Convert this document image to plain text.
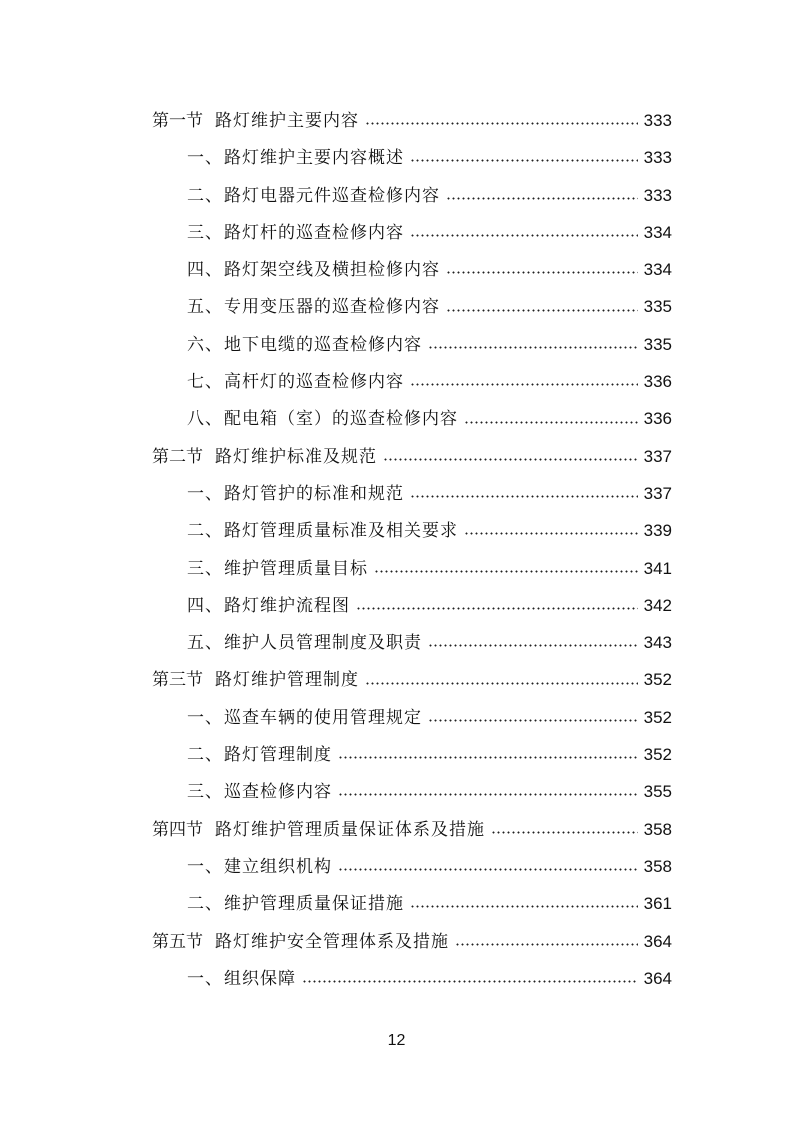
第一节 路灯维护主要内容	333
一、 路灯维护主要内容概述	333
二、 路灯电器元件巡查检修内容	333
三、 路灯杆的巡查检修内容	334
四、 路灯架空线及横担检修内容	334
五、 专用变压器的巡查检修内容	335
六、 地下电缆的巡查检修内容	335
七、 高杆灯的巡查检修内容	336
八、 配电箱（室）的巡查检修内容	336
第二节 路灯维护标准及规范	337
一、 路灯管护的标准和规范	337
二、 路灯管理质量标准及相关要求	339
三、 维护管理质量目标	341
四、 路灯维护流程图	342
五、 维护人员管理制度及职责	343
第三节 路灯维护管理制度	352
一、 巡查车辆的使用管理规定	352
二、 路灯管理制度	352
三、 巡查检修内容	355
第四节 路灯维护管理质量保证体系及措施	358
一、 建立组织机构	358
二、 维护管理质量保证措施	361
第五节 路灯维护安全管理体系及措施	364
一、 组织保障	364
12
